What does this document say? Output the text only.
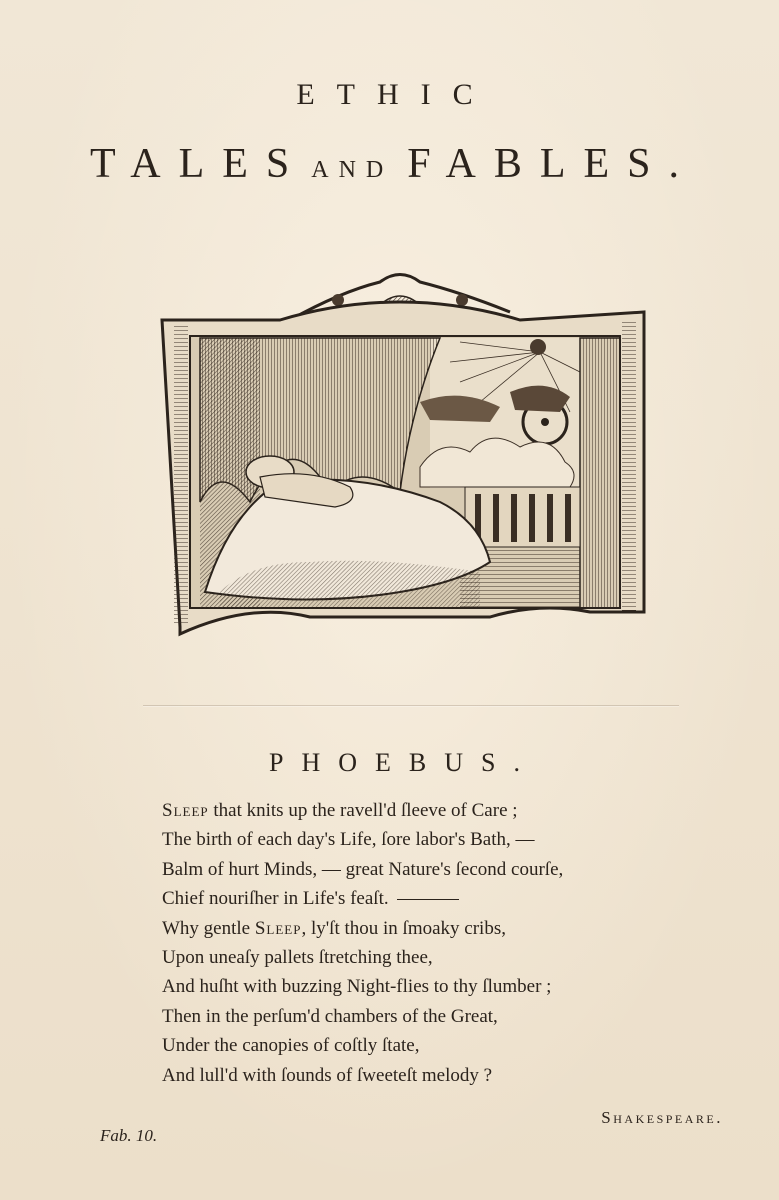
ETHIC
TALES AND FABLES.
PHOEBUS.
Sleep that knits up the ravell'd ſleeve of Care ;
The birth of each day's Life, ſore labor's Bath, —
Balm of hurt Minds, — great Nature's ſecond courſe,
Chief nouriſher in Life's feaſt.
Why gentle Sleep, ly'ſt thou in ſmoaky cribs,
Upon uneaſy pallets ſtretching thee,
And huſht with buzzing Night-flies to thy ſlumber ;
Then in the perſum'd chambers of the Great,
Under the canopies of coſtly ſtate,
And lull'd with ſounds of ſweeteſt melody ?
Shakespeare.
Fab. 10.
